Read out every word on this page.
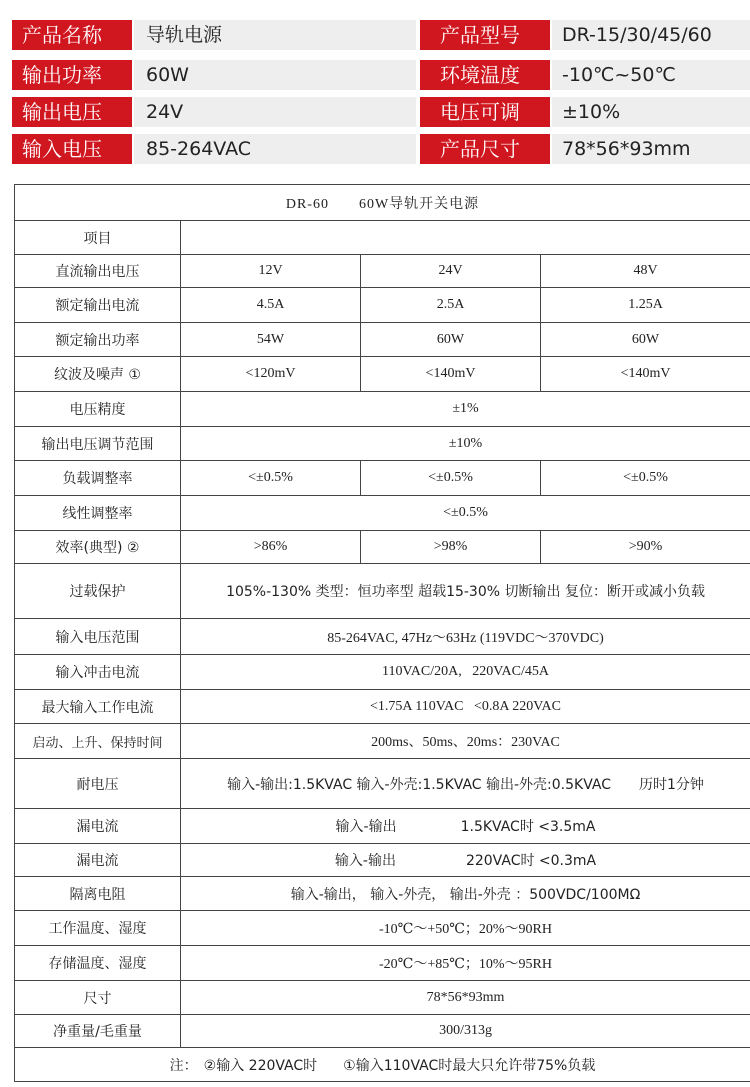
产品名称	导轨电源	产品型号	DR-15/30/45/60
输出功率	60W	环境温度	-10℃~50℃
输出电压	24V	电压可调	±10%
输入电压	85-264VAC	产品尺寸	78*56*93mm
DR-60 60W导轨开关电源			
项目			
直流输出电压	12V	24V	48V
额定输出电流	4.5A	2.5A	1.25A
额定输出功率	54W	60W	60W
纹波及噪声 ①	<120mV	<140mV	<140mV
电压精度	±1%		
输出电压调节范围	±10%		
负载调整率	<±0.5%	<±0.5%	<±0.5%
线性调整率	<±0.5%		
效率(典型) ②	>86%	>98%	>90%
过载保护	105%-130% 类型：恒功率型 超载15-30% 切断输出 复位：断开或减小负载		
输入电压范围	85-264VAC, 47Hz～63Hz (119VDC～370VDC)		
输入冲击电流	110VAC/20A,   220VAC/45A		
最大输入工作电流	<1.75A 110VAC   <0.8A 220VAC		
启动、上升、保持时间	200ms、50ms、20ms：230VAC		
耐电压	输入-输出:1.5KVAC 输入-外壳:1.5KVAC 输出-外壳:0.5KVAC 历时1分钟		
漏电流	输入-输出 1.5KVAC时 <3.5mA		
漏电流	输入-输出 220VAC时 <0.3mA		
隔离电阻	输入-输出， 输入-外壳， 输出-外壳 ：500VDC/100MΩ		
工作温度、湿度	-10℃～+50℃；20%～90RH		
存储温度、湿度	-20℃～+85℃；10%～95RH		
尺寸	78*56*93mm		
净重量/毛重量	300/313g		
注： ②输入 220VAC时 ①输入110VAC时最大只允许带75%负载			
